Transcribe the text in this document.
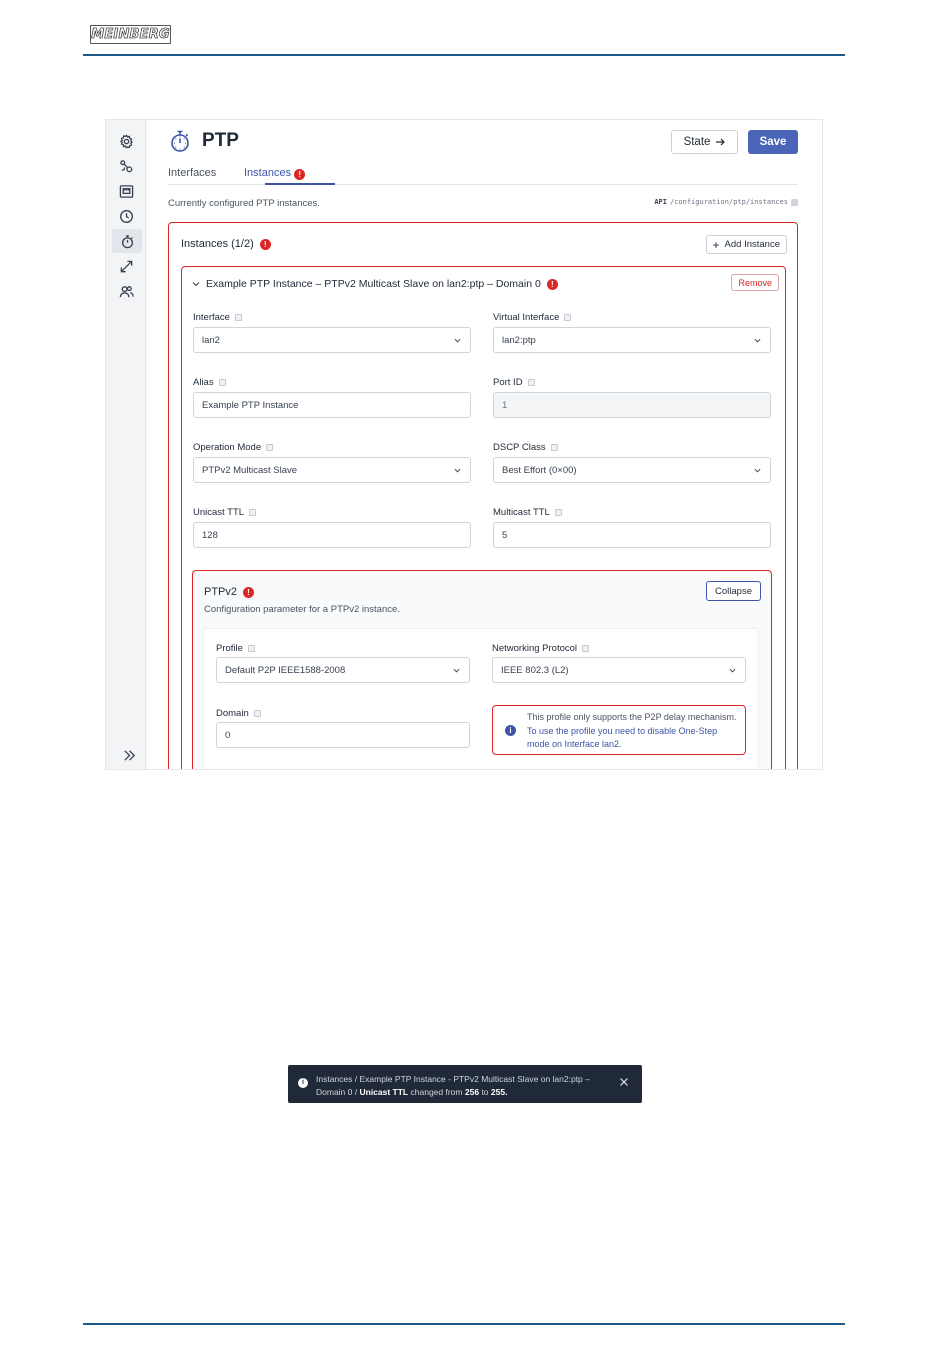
MEINBERG
PTP	State	Save
Interfaces	Instances !
Currently configured PTP instances.	API /configuration/ptp/instances
Instances (1/2)	!	+ Add Instance
Example PTP Instance – PTPv2 Multicast Slave on lan2:ptp – Domain 0	!	Remove
Interface
lan2
Virtual Interface
lan2:ptp
Alias
Example PTP Instance
Port ID
1
Operation Mode
PTPv2 Multicast Slave
DSCP Class
Best Effort (0×00)
Unicast TTL
128
Multicast TTL
5
PTPv2	!
Configuration parameter for a PTPv2 instance.
Collapse
Profile
Default P2P IEEE1588-2008
Networking Protocol
IEEE 802.3 (L2)
Domain
0	i
This profile only supports the P2P delay mechanism. To use the profile you need to disable One-Step mode on Interface lan2.
i	Instances / Example PTP Instance - PTPv2 Multicast Slave on lan2:ptp – Domain 0 / Unicast TTL changed from 256 to 255.
